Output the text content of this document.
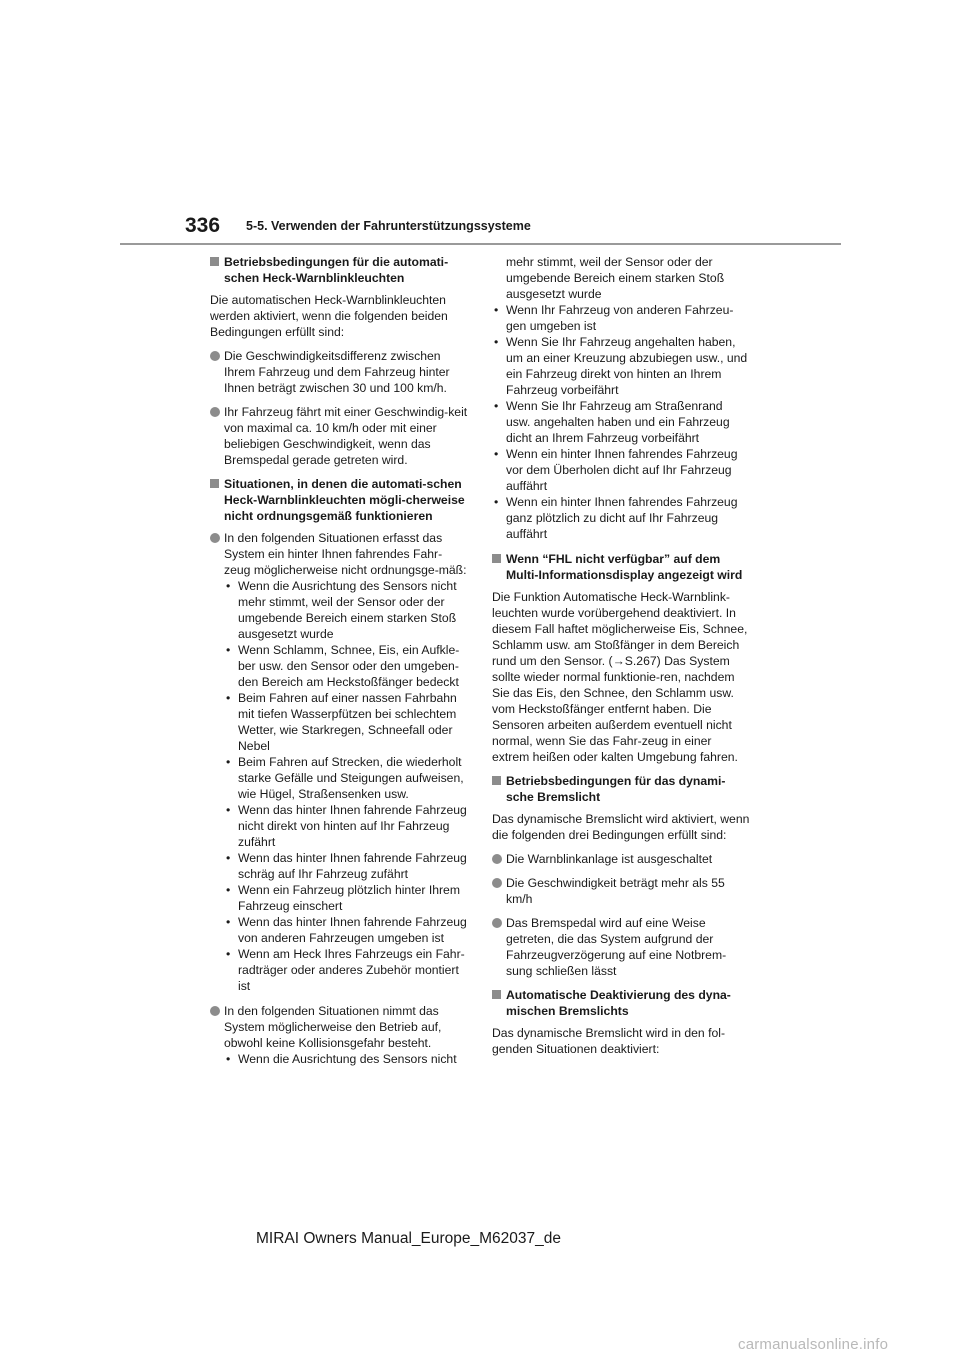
336 5-5. Verwenden der Fahrunterstützungssysteme
Betriebsbedingungen für die automati-schen Heck-Warnblinkleuchten

Die automatischen Heck-Warnblinkleuchten werden aktiviert, wenn die folgenden beiden Bedingungen erfüllt sind:

Die Geschwindigkeitsdifferenz zwischen Ihrem Fahrzeug und dem Fahrzeug hinter Ihnen beträgt zwischen 30 und 100 km/h.
Ihr Fahrzeug fährt mit einer Geschwindig-keit von maximal ca. 10 km/h oder mit einer beliebigen Geschwindigkeit, wenn das Bremspedal gerade getreten wird.
Situationen, in denen die automati-schen Heck-Warnblinkleuchten mögli-cherweise nicht ordnungsgemäß funktionieren
In den folgenden Situationen erfasst das System ein hinter Ihnen fahrendes Fahr-zeug möglicherweise nicht ordnungsge-mäß:
• Wenn die Ausrichtung des Sensors nicht mehr stimmt, weil der Sensor oder der umgebende Bereich einem starken Stoß ausgesetzt wurde
• Wenn Schlamm, Schnee, Eis, ein Aufkle-ber usw. den Sensor oder den umgeben-den Bereich am Heckstoßfänger bedeckt
• Beim Fahren auf einer nassen Fahrbahn mit tiefen Wasserpfützen bei schlechtem Wetter, wie Starkregen, Schneefall oder Nebel
• Beim Fahren auf Strecken, die wiederholt starke Gefälle und Steigungen aufweisen, wie Hügel, Straßensenken usw.
• Wenn das hinter Ihnen fahrende Fahrzeug nicht direkt von hinten auf Ihr Fahrzeug zufährt
• Wenn das hinter Ihnen fahrende Fahrzeug schräg auf Ihr Fahrzeug zufährt
• Wenn ein Fahrzeug plötzlich hinter Ihrem Fahrzeug einschert
• Wenn das hinter Ihnen fahrende Fahrzeug von anderen Fahrzeugen umgeben ist
• Wenn am Heck Ihres Fahrzeugs ein Fahr-radträger oder anderes Zubehör montiert ist
In den folgenden Situationen nimmt das System möglicherweise den Betrieb auf, obwohl keine Kollisionsgefahr besteht.
• Wenn die Ausrichtung des Sensors nicht

mehr stimmt, weil der Sensor oder der umgebende Bereich einem starken Stoß ausgesetzt wurde

• Wenn Ihr Fahrzeug von anderen Fahrzeu-gen umgeben ist
• Wenn Sie Ihr Fahrzeug angehalten haben, um an einer Kreuzung abzubiegen usw., und ein Fahrzeug direkt von hinten an Ihrem Fahrzeug vorbeifährt
• Wenn Sie Ihr Fahrzeug am Straßenrand usw. angehalten haben und ein Fahrzeug dicht an Ihrem Fahrzeug vorbeifährt
• Wenn ein hinter Ihnen fahrendes Fahrzeug vor dem Überholen dicht auf Ihr Fahrzeug auffährt
• Wenn ein hinter Ihnen fahrendes Fahrzeug ganz plötzlich zu dicht auf Ihr Fahrzeug auffährt
Wenn “FHL nicht verfügbar” auf dem Multi-Informationsdisplay angezeigt wird

Die Funktion Automatische Heck-Warnblink-leuchten wurde vorübergehend deaktiviert. In diesem Fall haftet möglicherweise Eis, Schnee, Schlamm usw. am Stoßfänger in dem Bereich rund um den Sensor. (→S.267) Das System sollte wieder normal funktionie-ren, nachdem Sie das Eis, den Schnee, den Schlamm usw. vom Heckstoßfänger entfernt haben. Die Sensoren arbeiten außerdem eventuell nicht normal, wenn Sie das Fahr-zeug in einer extrem heißen oder kalten Umgebung fahren.

Betriebsbedingungen für das dynami-sche Bremslicht

Das dynamische Bremslicht wird aktiviert, wenn die folgenden drei Bedingungen erfüllt sind:

Die Warnblinkanlage ist ausgeschaltet
Die Geschwindigkeit beträgt mehr als 55 km/h
Das Bremspedal wird auf eine Weise getreten, die das System aufgrund der Fahrzeugverzögerung auf eine Notbrem-sung schließen lässt
Automatische Deaktivierung des dyna-mischen Bremslichts

Das dynamische Bremslicht wird in den fol-genden Situationen deaktiviert:

MIRAI Owners Manual_Europe_M62037_de
carmanualsonline.info
